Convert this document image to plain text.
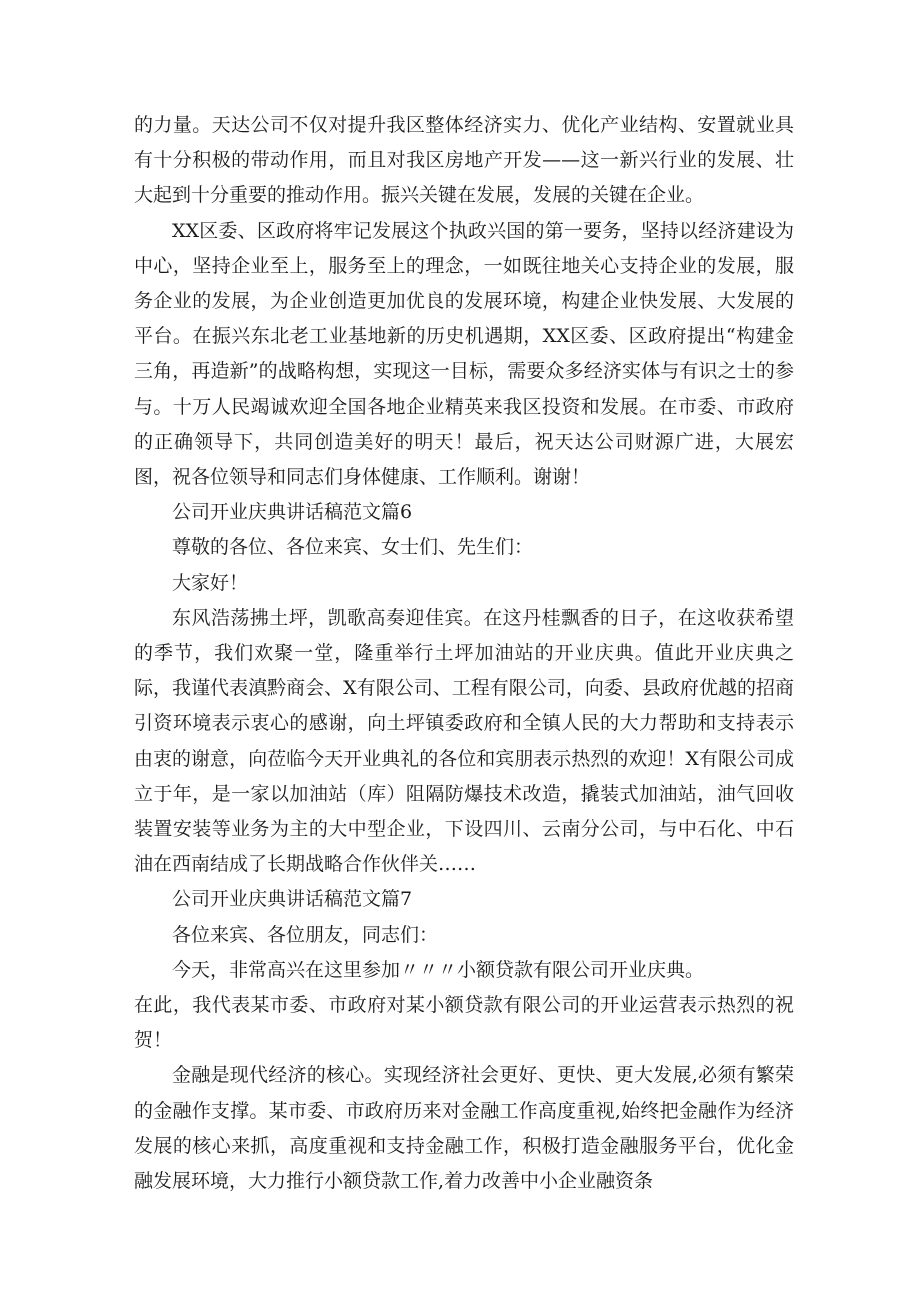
的力量。天达公司不仅对提升我区整体经济实力、优化产业结构、安置就业具有十分积极的带动作用，而且对我区房地产开发——这一新兴行业的发展、壮大起到十分重要的推动作用。振兴关键在发展，发展的关键在企业。

XX区委、区政府将牢记发展这个执政兴国的第一要务，坚持以经济建设为中心，坚持企业至上，服务至上的理念，一如既往地关心支持企业的发展，服务企业的发展，为企业创造更加优良的发展环境，构建企业快发展、大发展的平台。在振兴东北老工业基地新的历史机遇期，XX区委、区政府提出“构建金三角，再造新”的战略构想，实现这一目标，需要众多经济实体与有识之士的参与。十万人民竭诚欢迎全国各地企业精英来我区投资和发展。在市委、市政府的正确领导下，共同创造美好的明天！最后，祝天达公司财源广进，大展宏图，祝各位领导和同志们身体健康、工作顺利。谢谢！

公司开业庆典讲话稿范文篇6

尊敬的各位、各位来宾、女士们、先生们：

大家好！

东风浩荡拂土坪，凯歌高奏迎佳宾。在这丹桂飘香的日子，在这收获希望的季节，我们欢聚一堂，隆重举行土坪加油站的开业庆典。值此开业庆典之际，我谨代表滇黔商会、X有限公司、工程有限公司，向委、县政府优越的招商引资环境表示衷心的感谢，向土坪镇委政府和全镇人民的大力帮助和支持表示由衷的谢意，向莅临今天开业典礼的各位和宾朋表示热烈的欢迎！X有限公司成立于年，是一家以加油站（库）阻隔防爆技术改造，撬装式加油站，油气回收装置安装等业务为主的大中型企业，下设四川、云南分公司，与中石化、中石油在西南结成了长期战略合作伙伴关……

公司开业庆典讲话稿范文篇7

各位来宾、各位朋友，同志们：

今天，非常高兴在这里参加〃〃〃小额贷款有限公司开业庆典。

在此，我代表某市委、市政府对某小额贷款有限公司的开业运营表示热烈的祝贺！

金融是现代经济的核心。实现经济社会更好、更快、更大发展,必须有繁荣的金融作支撑。某市委、市政府历来对金融工作高度重视,始终把金融作为经济发展的核心来抓，高度重视和支持金融工作，积极打造金融服务平台，优化金融发展环境，大力推行小额贷款工作,着力改善中小企业融资条
